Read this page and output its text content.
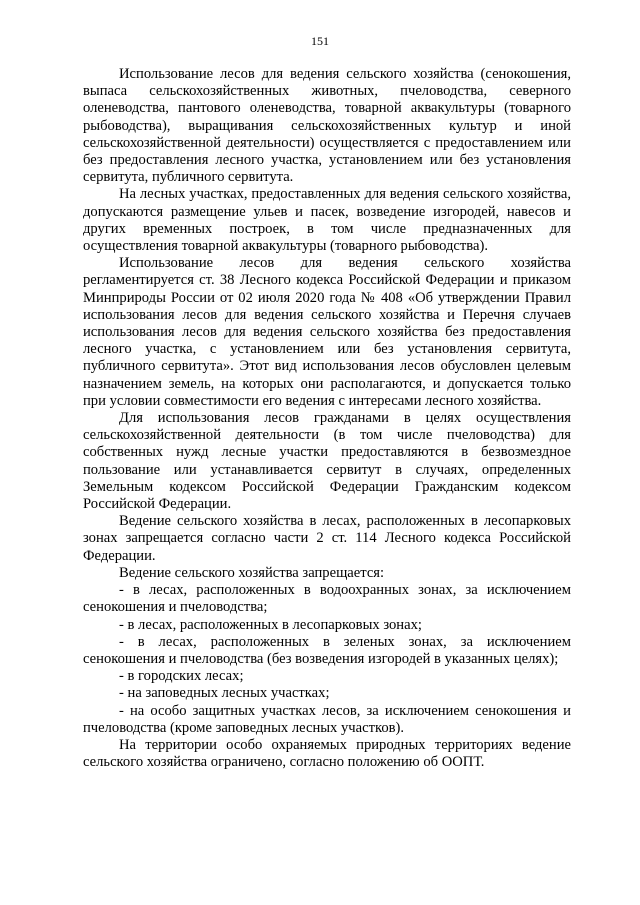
151

Использование лесов для ведения сельского хозяйства (сенокошения, выпаса сельскохозяйственных животных, пчеловодства, северного оленеводства, пантового оленеводства, товарной аквакультуры (товарного рыбоводства), выращивания сельскохозяйственных культур и иной сельскохозяйственной деятельности) осуществляется с предоставлением или без предоставления лесного участка, установлением или без установления сервитута, публичного сервитута.

На лесных участках, предоставленных для ведения сельского хозяйства, допускаются размещение ульев и пасек, возведение изгородей, навесов и других временных построек, в том числе предназначенных для осуществления товарной аквакультуры (товарного рыбоводства).

Использование лесов для ведения сельского хозяйства регламентируется ст. 38 Лесного кодекса Российской Федерации и приказом Минприроды России от 02 июля 2020 года № 408 «Об утверждении Правил использования лесов для ведения сельского хозяйства и Перечня случаев использования лесов для ведения сельского хозяйства без предоставления лесного участка, с установлением или без установления сервитута, публичного сервитута». Этот вид использования лесов обусловлен целевым назначением земель, на которых они располагаются, и допускается только при условии совместимости его ведения с интересами лесного хозяйства.

Для использования лесов гражданами в целях осуществления сельскохозяйственной деятельности (в том числе пчеловодства) для собственных нужд лесные участки предоставляются в безвозмездное пользование или устанавливается сервитут в случаях, определенных Земельным кодексом Российской Федерации Гражданским кодексом Российской Федерации.

Ведение сельского хозяйства в лесах, расположенных в лесопарковых зонах запрещается согласно части 2 ст. 114 Лесного кодекса Российской Федерации.

Ведение сельского хозяйства запрещается:

- в лесах, расположенных в водоохранных зонах, за исключением сенокошения и пчеловодства;

- в лесах, расположенных в лесопарковых зонах;

- в лесах, расположенных в зеленых зонах, за исключением сенокошения и пчеловодства (без возведения изгородей в указанных целях);

- в городских лесах;

- на заповедных лесных участках;

- на особо защитных участках лесов, за исключением сенокошения и пчеловодства (кроме заповедных лесных участков).

На территории особо охраняемых природных территориях ведение сельского хозяйства ограничено, согласно положению об ООПТ.
